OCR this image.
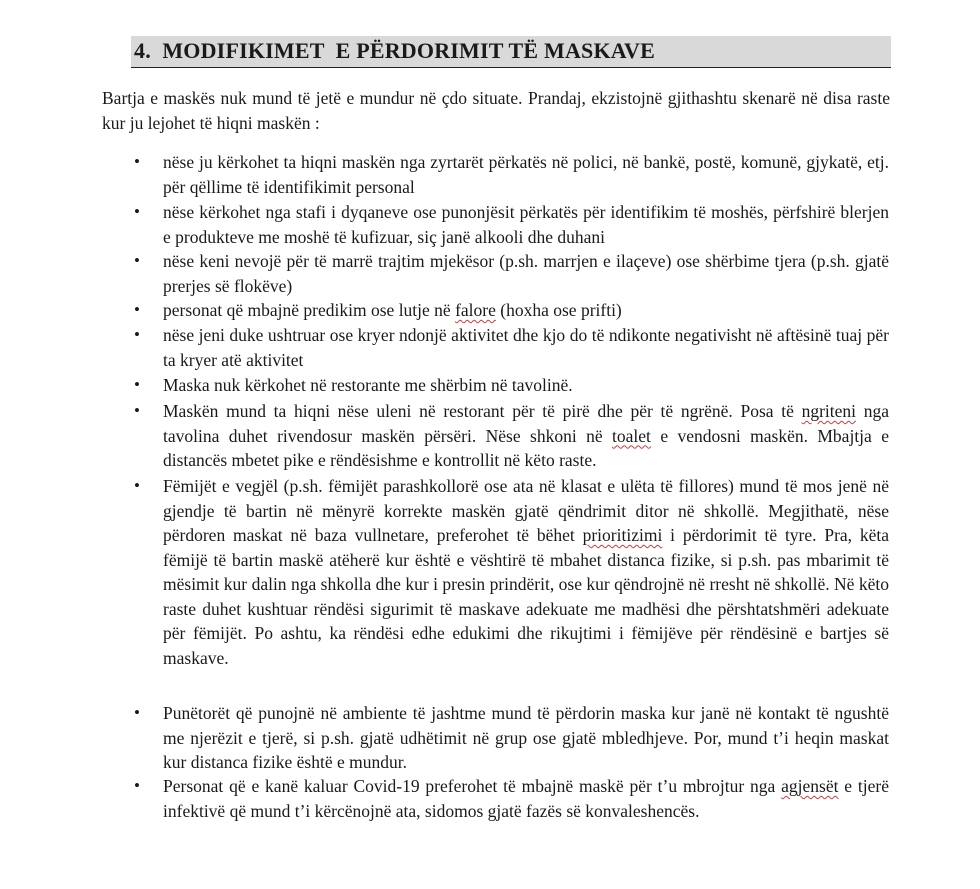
4. MODIFIKIMET  E PËRDORIMIT TË MASKAVE

Bartja e maskës nuk mund të jetë e mundur në çdo situate. Prandaj, ekzistojnë gjithashtu skenarë në disa raste kur ju lejohet të hiqni maskën :

• nëse ju kërkohet ta hiqni maskën nga zyrtarët përkatës në polici, në bankë, postë, komunë, gjykatë, etj. për qëllime të identifikimit personal
• nëse kërkohet nga stafi i dyqaneve ose punonjësit përkatës për identifikim të moshës, përfshirë blerjen e produkteve me moshë të kufizuar, siç janë alkooli dhe duhani
• nëse keni nevojë për të marrë trajtim mjekësor (p.sh. marrjen e ilaçeve) ose shërbime tjera (p.sh. gjatë prerjes së flokëve)
• personat që mbajnë predikim ose lutje në falore (hoxha ose prifti)
• nëse jeni duke ushtruar ose kryer ndonjë aktivitet dhe kjo do të ndikonte negativisht në aftësinë tuaj për ta kryer atë aktivitet
• Maska nuk kërkohet në restorante me shërbim në tavolinë.
• Maskën mund ta hiqni nëse uleni në restorant për të pirë dhe për të ngrënë. Posa të ngriteni nga tavolina duhet rivendosur maskën përsëri. Nëse shkoni në toalet e vendosni maskën. Mbajtja e distancës mbetet pike e rëndësishme e kontrollit në këto raste.
• Fëmijët e vegjël (p.sh. fëmijët parashkollorë ose ata në klasat e ulëta të fillores) mund të mos jenë në gjendje të bartin në mënyrë korrekte maskën gjatë qëndrimit ditor në shkollë. Megjithatë, nëse përdoren maskat në baza vullnetare, preferohet të bëhet prioritizimi i përdorimit të tyre. Pra, këta fëmijë të bartin maskë atëherë kur është e vështirë të mbahet distanca fizike, si p.sh. pas mbarimit të mësimit kur dalin nga shkolla dhe kur i presin prindërit, ose kur qëndrojnë në rresht në shkollë. Në këto raste duhet kushtuar rëndësi sigurimit të maskave adekuate me madhësi dhe përshtatshmëri adekuate për fëmijët. Po ashtu, ka rëndësi edhe edukimi dhe rikujtimi i fëmijëve për rëndësinë e bartjes së maskave.
• Punëtorët që punojnë në ambiente të jashtme mund të përdorin maska kur janë në kontakt të ngushtë me njerëzit e tjerë, si p.sh. gjatë udhëtimit në grup ose gjatë mbledhjeve. Por, mund t’i heqin maskat kur distanca fizike është e mundur.
• Personat që e kanë kaluar Covid-19 preferohet të mbajnë maskë për t’u mbrojtur nga agjensët e tjerë infektivë që mund t’i kërcënojnë ata, sidomos gjatë fazës së konvaleshencës.
